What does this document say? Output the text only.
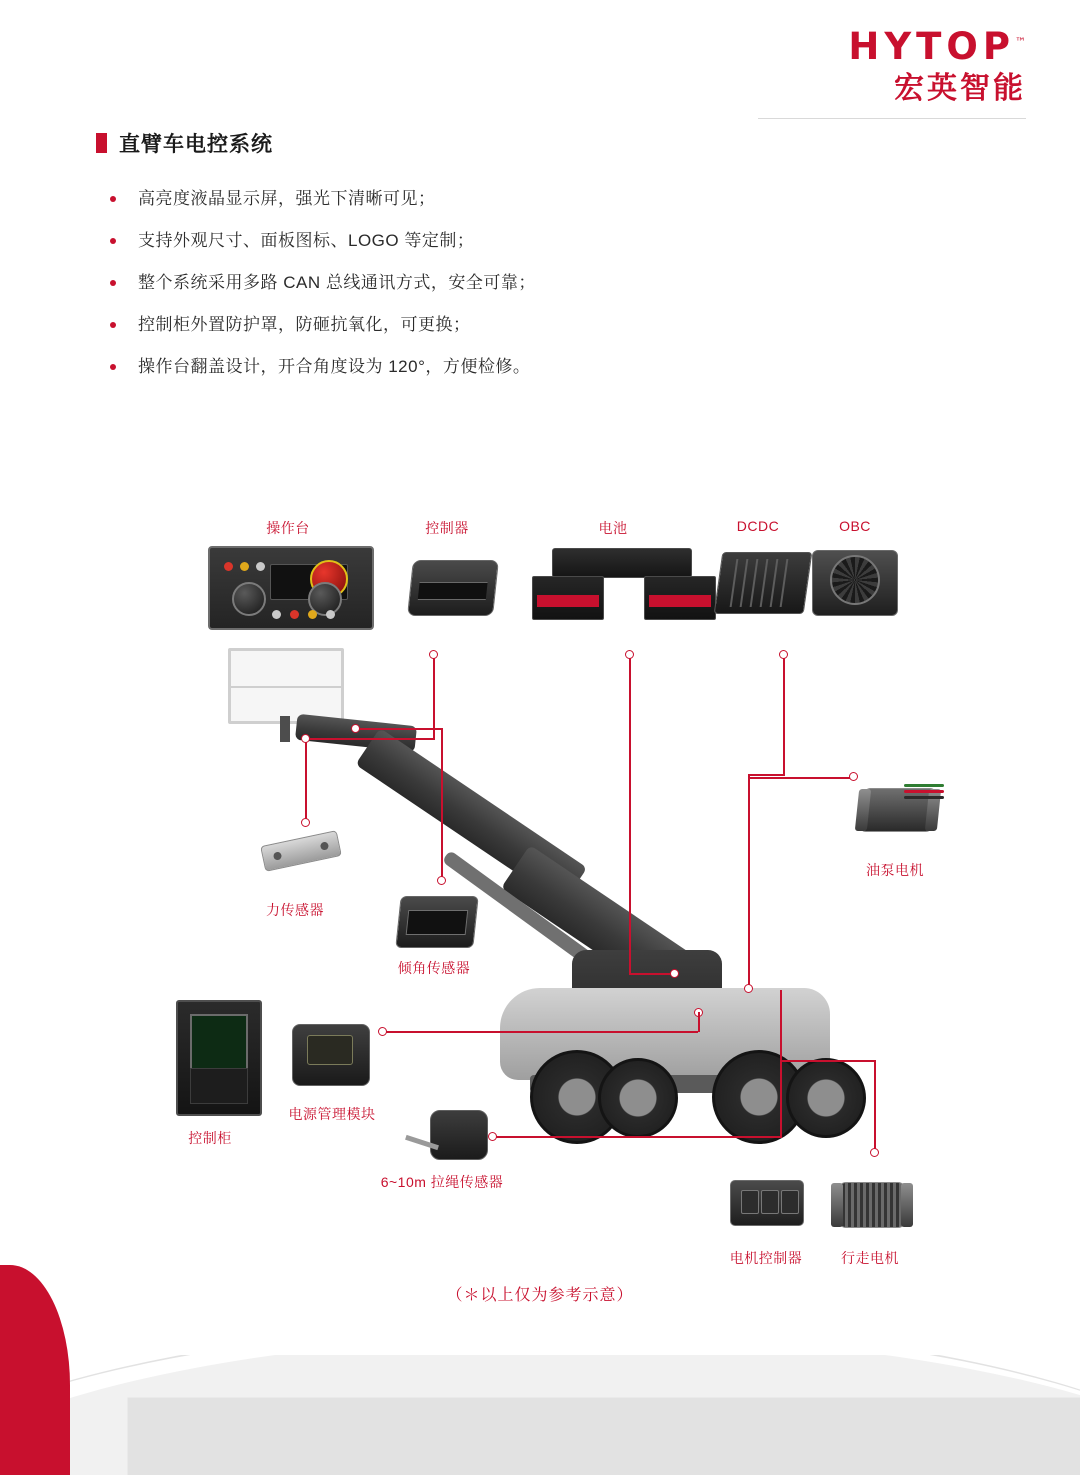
HYTOP™
宏英智能
直臂车电控系统
高亮度液晶显示屏，强光下清晰可见；
支持外观尺寸、面板图标、LOGO 等定制；
整个系统采用多路 CAN 总线通讯方式，安全可靠；
控制柜外置防护罩，防砸抗氧化，可更换；
操作台翻盖设计，开合角度设为 120°，方便检修。
操作台	控制器	电池	DCDC	OBC
油泵电机
力传感器
倾角传感器
控制柜
电源管理模块
6~10m 拉绳传感器
电机控制器	行走电机
（＊以上仅为参考示意）
